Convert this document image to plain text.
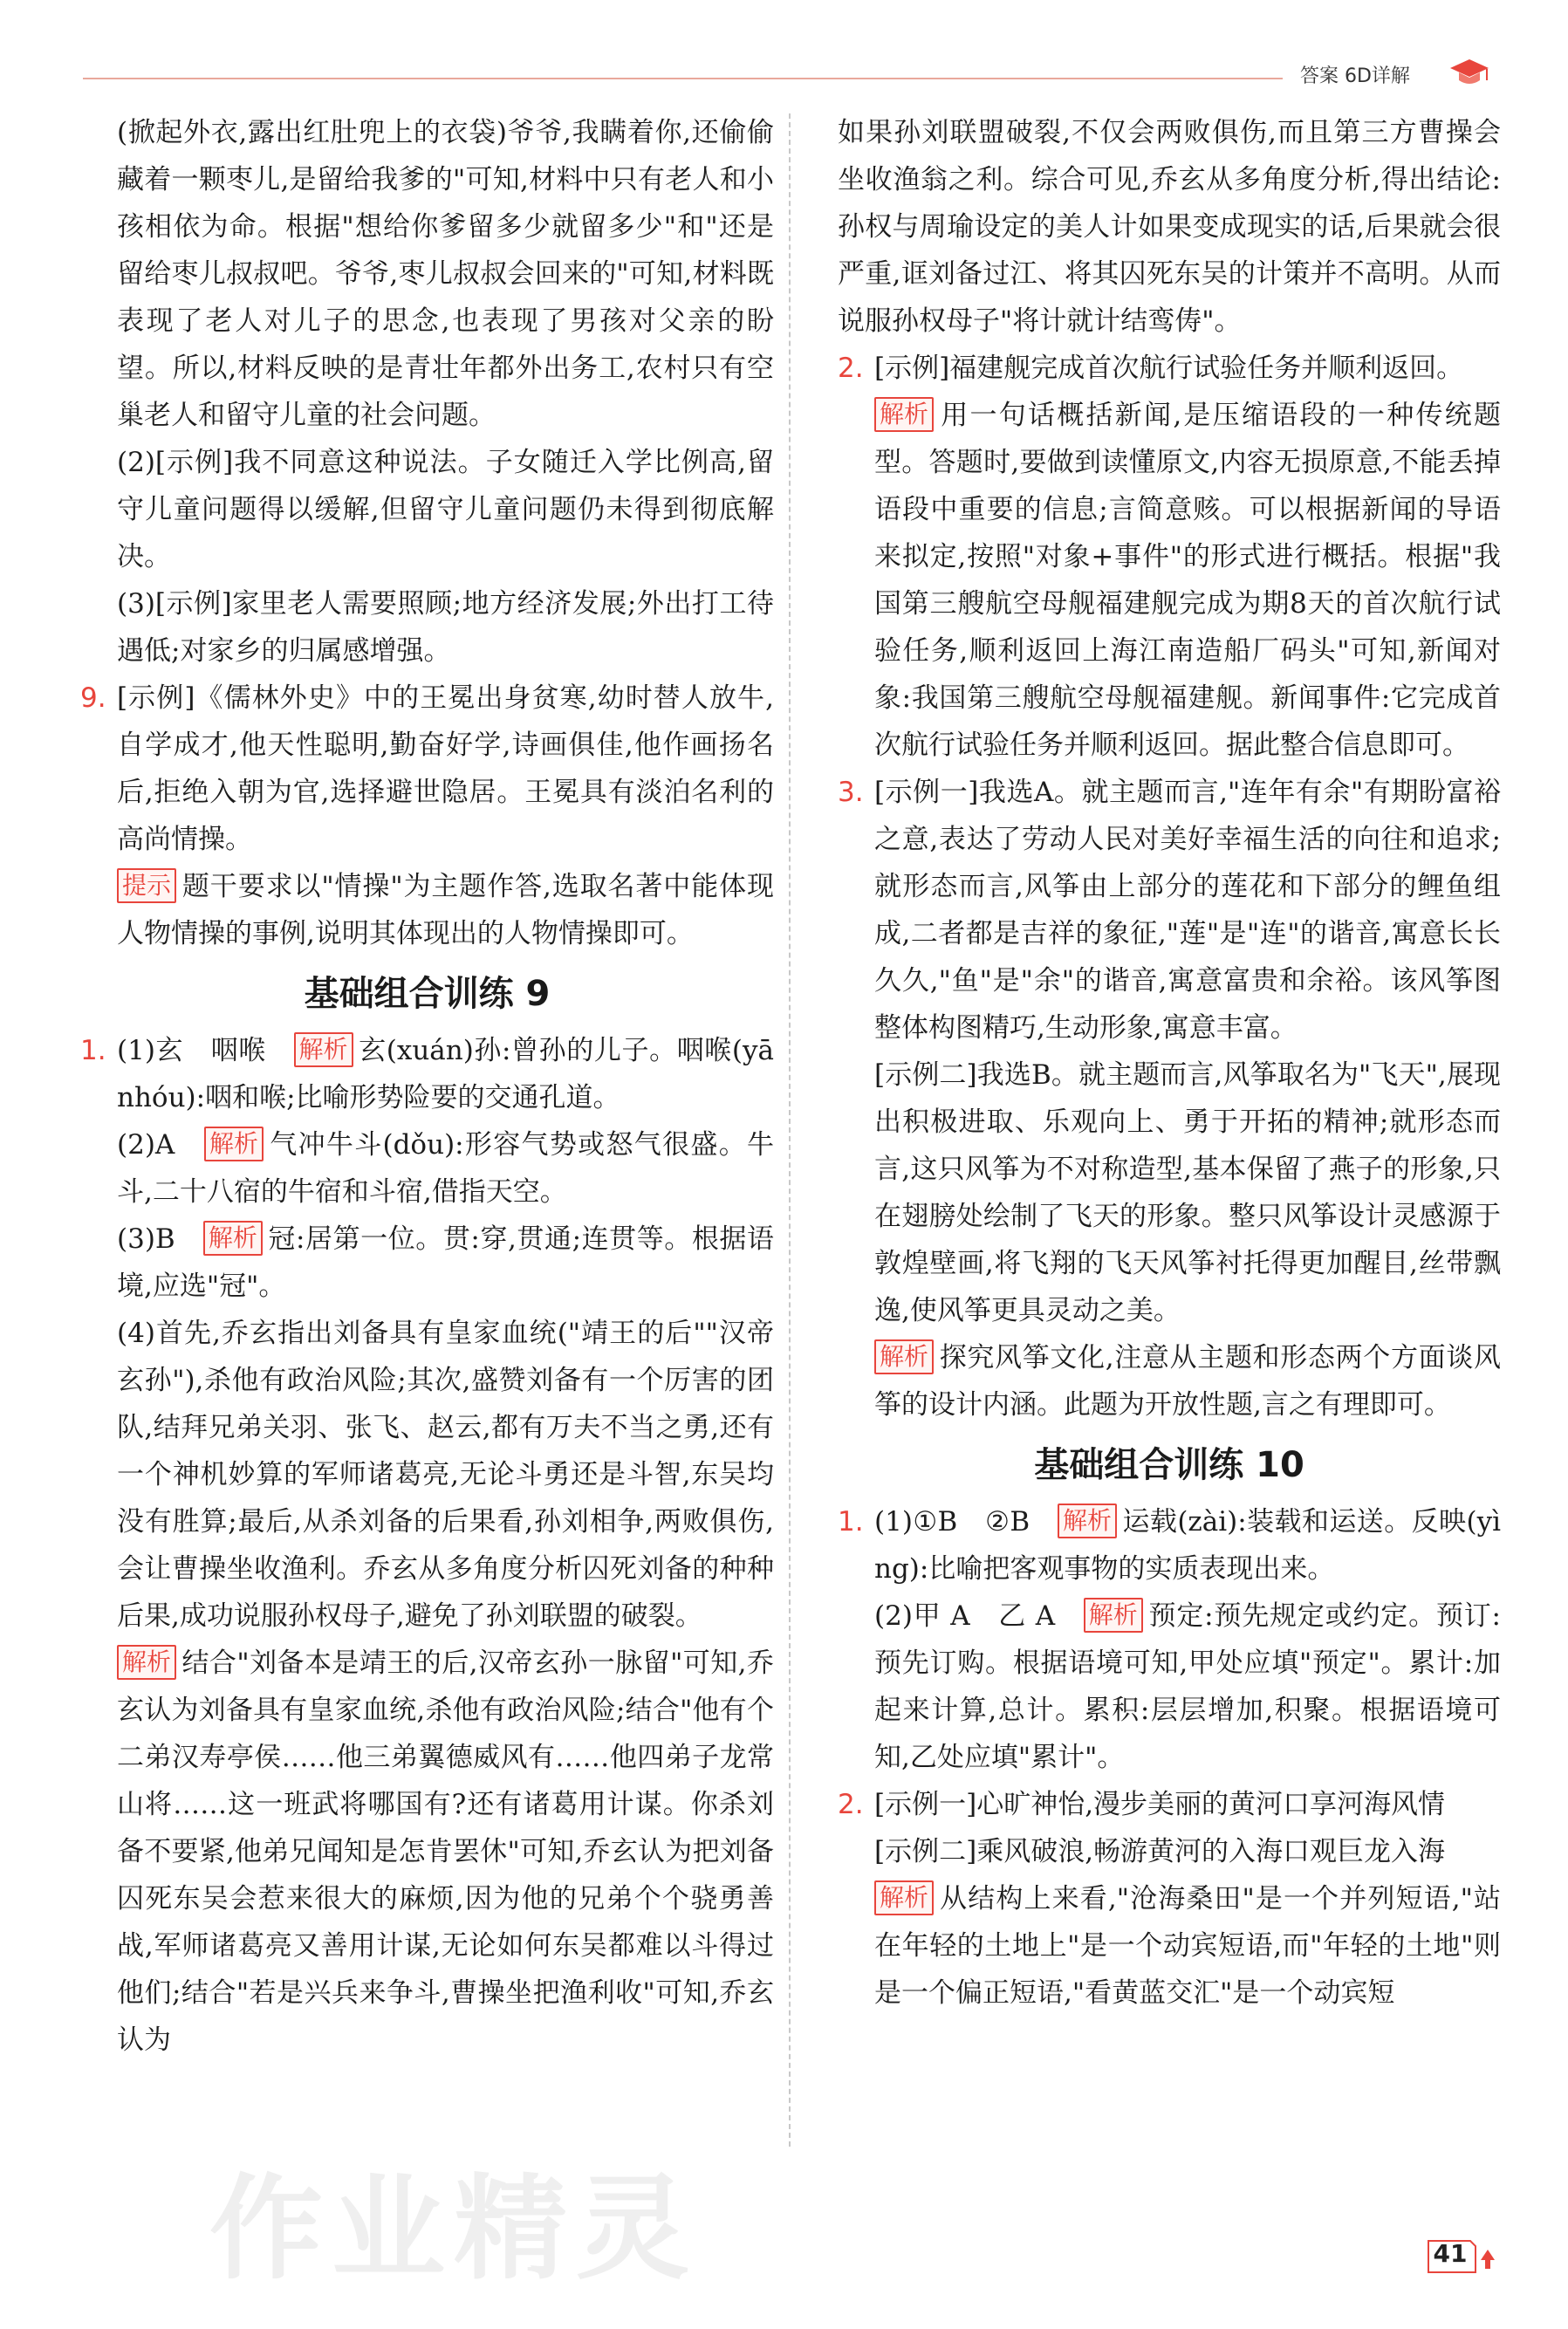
答案 6D详解

(掀起外衣,露出红肚兜上的衣袋)爷爷,我瞒着你,还偷偷藏着一颗枣儿,是留给我爹的"可知,材料中只有老人和小孩相依为命。根据"想给你爹留多少就留多少"和"还是留给枣儿叔叔吧。爷爷,枣儿叔叔会回来的"可知,材料既表现了老人对儿子的思念,也表现了男孩对父亲的盼望。所以,材料反映的是青壮年都外出务工,农村只有空巢老人和留守儿童的社会问题。

(2)[示例]我不同意这种说法。子女随迁入学比例高,留守儿童问题得以缓解,但留守儿童问题仍未得到彻底解决。

(3)[示例]家里老人需要照顾;地方经济发展;外出打工待遇低;对家乡的归属感增强。

9. [示例]《儒林外史》中的王冕出身贫寒,幼时替人放牛,自学成才,他天性聪明,勤奋好学,诗画俱佳,他作画扬名后,拒绝入朝为官,选择避世隐居。王冕具有淡泊名利的高尚情操。

提示 题干要求以"情操"为主题作答,选取名著中能体现人物情操的事例,说明其体现出的人物情操即可。

基础组合训练 9
1. (1)玄　咽喉　 解析 玄(xuán)孙:曾孙的儿子。咽喉(yānhóu):咽和喉;比喻形势险要的交通孔道。

(2)A　 解析 气冲牛斗(dǒu):形容气势或怒气很盛。牛斗,二十八宿的牛宿和斗宿,借指天空。

(3)B　 解析 冠:居第一位。贯:穿,贯通;连贯等。根据语境,应选"冠"。

(4)首先,乔玄指出刘备具有皇家血统("靖王的后""汉帝玄孙"),杀他有政治风险;其次,盛赞刘备有一个厉害的团队,结拜兄弟关羽、张飞、赵云,都有万夫不当之勇,还有一个神机妙算的军师诸葛亮,无论斗勇还是斗智,东吴均没有胜算;最后,从杀刘备的后果看,孙刘相争,两败俱伤,会让曹操坐收渔利。乔玄从多角度分析囚死刘备的种种后果,成功说服孙权母子,避免了孙刘联盟的破裂。

解析 结合"刘备本是靖王的后,汉帝玄孙一脉留"可知,乔玄认为刘备具有皇家血统,杀他有政治风险;结合"他有个二弟汉寿亭侯……他三弟翼德威风有……他四弟子龙常山将……这一班武将哪国有?还有诸葛用计谋。你杀刘备不要紧,他弟兄闻知是怎肯罢休"可知,乔玄认为把刘备囚死东吴会惹来很大的麻烦,因为他的兄弟个个骁勇善战,军师诸葛亮又善用计谋,无论如何东吴都难以斗得过他们;结合"若是兴兵来争斗,曹操坐把渔利收"可知,乔玄认为

如果孙刘联盟破裂,不仅会两败俱伤,而且第三方曹操会坐收渔翁之利。综合可见,乔玄从多角度分析,得出结论:孙权与周瑜设定的美人计如果变成现实的话,后果就会很严重,诓刘备过江、将其囚死东吴的计策并不高明。从而说服孙权母子"将计就计结鸾俦"。

2. [示例]福建舰完成首次航行试验任务并顺利返回。

解析 用一句话概括新闻,是压缩语段的一种传统题型。答题时,要做到读懂原文,内容无损原意,不能丢掉语段中重要的信息;言简意赅。可以根据新闻的导语来拟定,按照"对象+事件"的形式进行概括。根据"我国第三艘航空母舰福建舰完成为期8天的首次航行试验任务,顺利返回上海江南造船厂码头"可知,新闻对象:我国第三艘航空母舰福建舰。新闻事件:它完成首次航行试验任务并顺利返回。据此整合信息即可。

3. [示例一]我选A。就主题而言,"连年有余"有期盼富裕之意,表达了劳动人民对美好幸福生活的向往和追求;就形态而言,风筝由上部分的莲花和下部分的鲤鱼组成,二者都是吉祥的象征,"莲"是"连"的谐音,寓意长长久久,"鱼"是"余"的谐音,寓意富贵和余裕。该风筝图整体构图精巧,生动形象,寓意丰富。

[示例二]我选B。就主题而言,风筝取名为"飞天",展现出积极进取、乐观向上、勇于开拓的精神;就形态而言,这只风筝为不对称造型,基本保留了燕子的形象,只在翅膀处绘制了飞天的形象。整只风筝设计灵感源于敦煌壁画,将飞翔的飞天风筝衬托得更加醒目,丝带飘逸,使风筝更具灵动之美。

解析 探究风筝文化,注意从主题和形态两个方面谈风筝的设计内涵。此题为开放性题,言之有理即可。

基础组合训练 10
1. (1)①B　②B　 解析 运载(zài):装载和运送。反映(yìng):比喻把客观事物的实质表现出来。

(2)甲 A　乙 A　 解析 预定:预先规定或约定。预订:预先订购。根据语境可知,甲处应填"预定"。累计:加起来计算,总计。累积:层层增加,积聚。根据语境可知,乙处应填"累计"。

2. [示例一]心旷神怡,漫步美丽的黄河口享河海风情

[示例二]乘风破浪,畅游黄河的入海口观巨龙入海

解析 从结构上来看,"沧海桑田"是一个并列短语,"站在年轻的土地上"是一个动宾短语,而"年轻的土地"则是一个偏正短语,"看黄蓝交汇"是一个动宾短

作业精灵	41
